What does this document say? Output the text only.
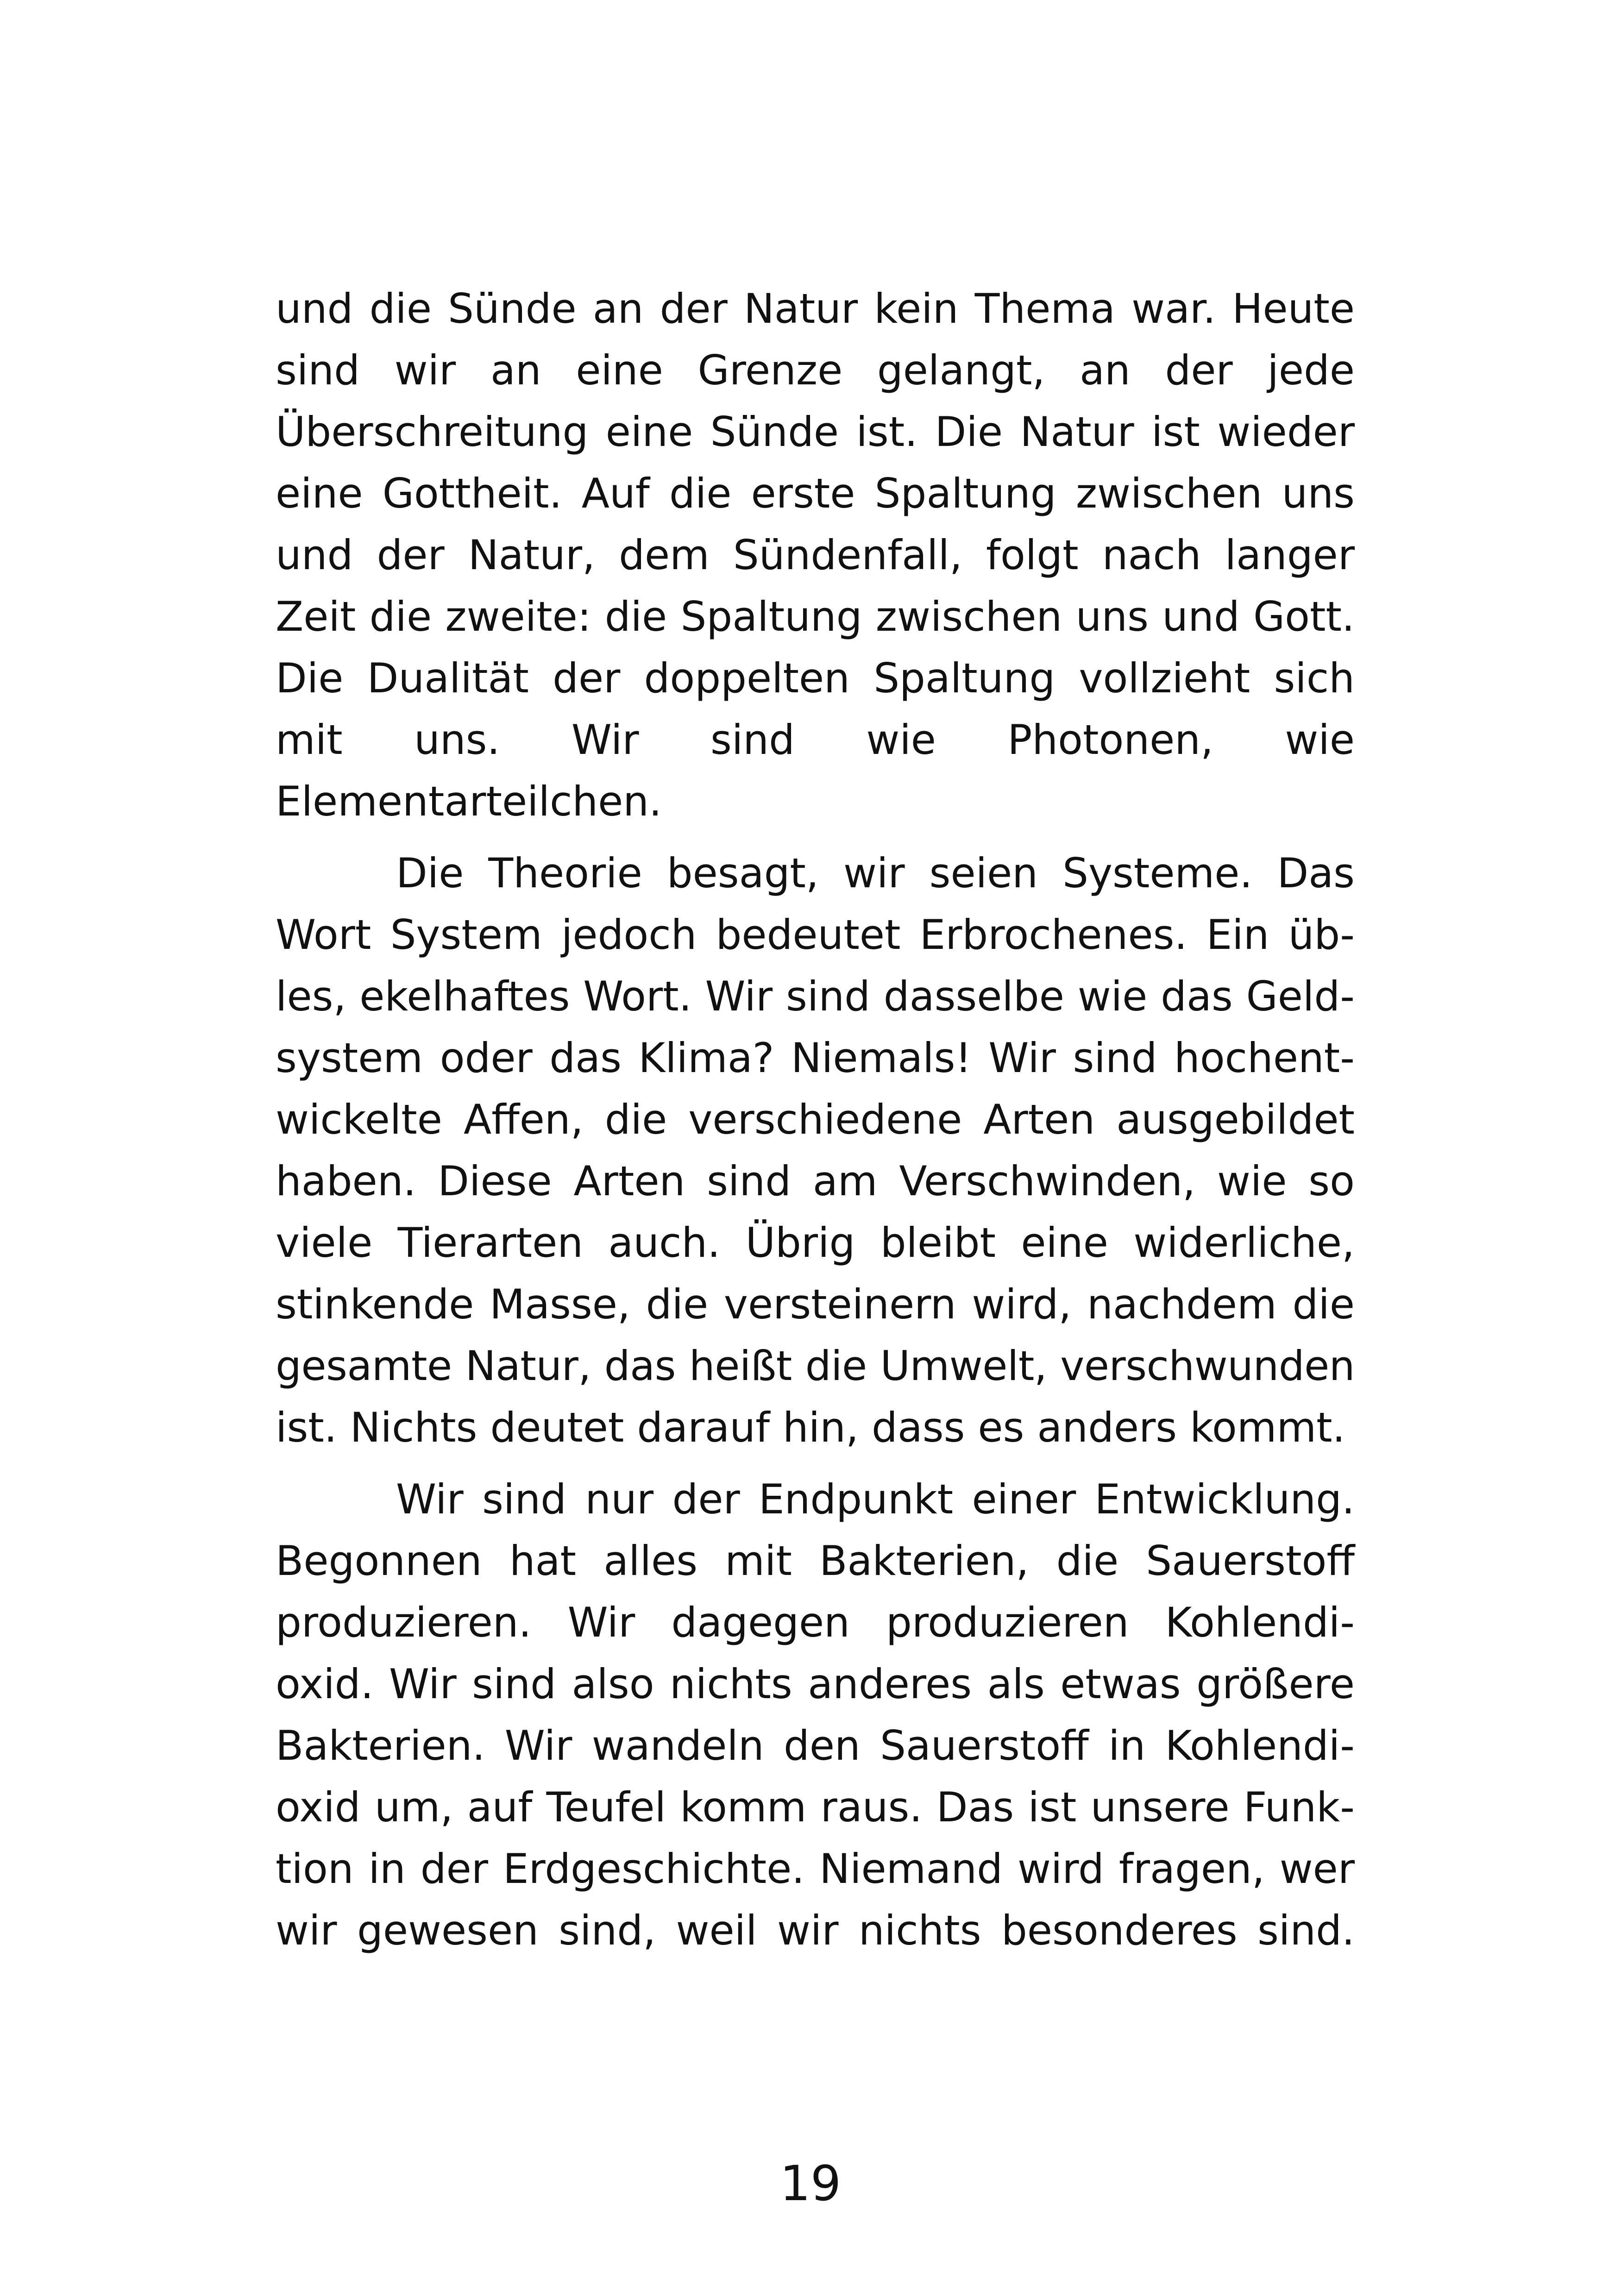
und die Sünde an der Natur kein Thema war. Heute
sind wir an eine Grenze gelangt, an der jede
Überschreitung eine Sünde ist. Die Natur ist wieder
eine Gottheit. Auf die erste Spaltung zwischen uns
und der Natur, dem Sündenfall, folgt nach langer
Zeit die zweite: die Spaltung zwischen uns und Gott.
Die Dualität der doppelten Spaltung vollzieht sich
mit uns. Wir sind wie Photonen, wie
Elementarteilchen.
Die Theorie besagt, wir seien Systeme. Das
Wort System jedoch bedeutet Erbrochenes. Ein üb-
les, ekelhaftes Wort. Wir sind dasselbe wie das Geld-
system oder das Klima? Niemals! Wir sind hochent-
wickelte Affen, die verschiedene Arten ausgebildet
haben. Diese Arten sind am Verschwinden, wie so
viele Tierarten auch. Übrig bleibt eine widerliche,
stinkende Masse, die versteinern wird, nachdem die
gesamte Natur, das heißt die Umwelt, verschwunden
ist. Nichts deutet darauf hin, dass es anders kommt.
Wir sind nur der Endpunkt einer Entwicklung.
Begonnen hat alles mit Bakterien, die Sauerstoff
produzieren. Wir dagegen produzieren Kohlendi-
oxid. Wir sind also nichts anderes als etwas größere
Bakterien. Wir wandeln den Sauerstoff in Kohlendi-
oxid um, auf Teufel komm raus. Das ist unsere Funk-
tion in der Erdgeschichte. Niemand wird fragen, wer
wir gewesen sind, weil wir nichts besonderes sind.
19
